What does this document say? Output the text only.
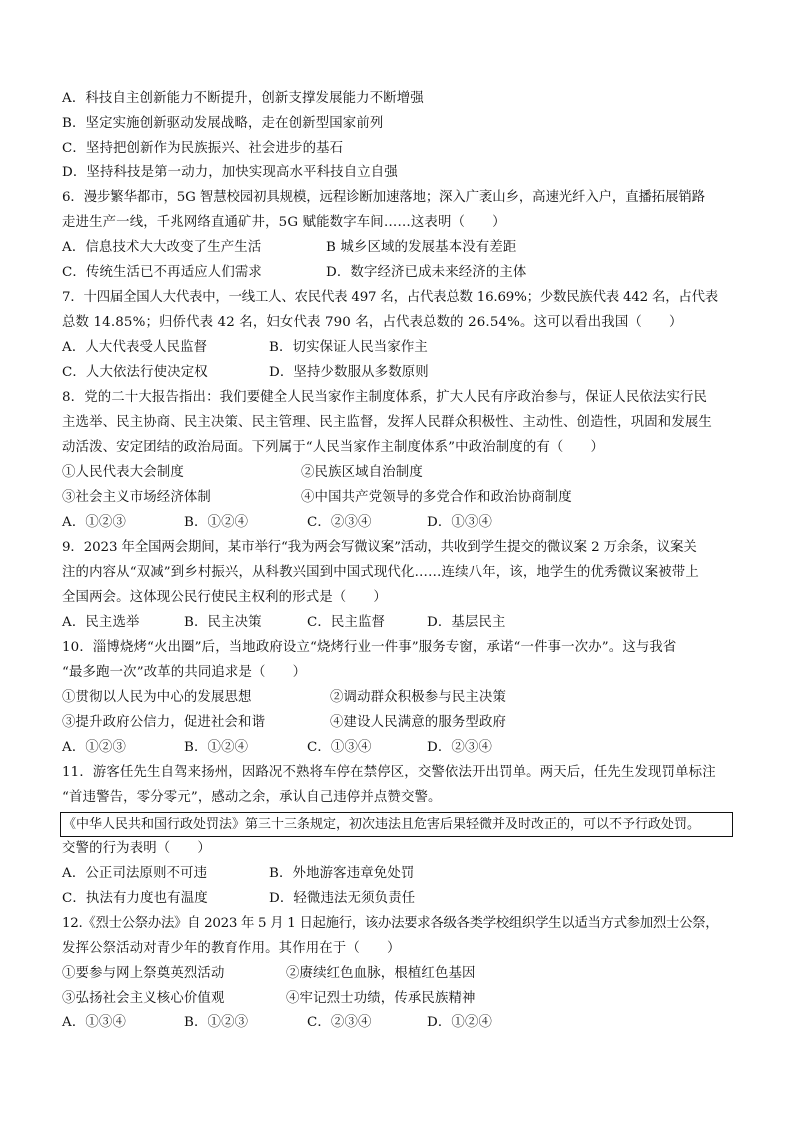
A．科技自主创新能力不断提升，创新支撑发展能力不断增强
B．坚定实施创新驱动发展战略，走在创新型国家前列
C．坚持把创新作为民族振兴、社会进步的基石
D．坚持科技是第一动力，加快实现高水平科技自立自强
6．漫步繁华都市，5G 智慧校园初具规模，远程诊断加速落地；深入广袤山乡，高速光纤入户，直播拓展销路
走进生产一线，千兆网络直通矿井，5G 赋能数字车间……这表明（　　）
A．信息技术大大改变了生产生活	B 城乡区域的发展基本没有差距
C．传统生活已不再适应人们需求	D．数字经济已成未来经济的主体
7．十四届全国人大代表中，一线工人、农民代表 497 名，占代表总数 16.69%；少数民族代表 442 名，占代表
总数 14.85%；归侨代表 42 名，妇女代表 790 名，占代表总数的 26.54%。这可以看出我国（　　）
A．人大代表受人民监督	B．切实保证人民当家作主
C．人大依法行使决定权	D．坚持少数服从多数原则
8．党的二十大报告指出：我们要健全人民当家作主制度体系，扩大人民有序政治参与，保证人民依法实行民
主选举、民主协商、民主决策、民主管理、民主监督，发挥人民群众积极性、主动性、创造性，巩固和发展生
动活泼、安定团结的政治局面。下列属于“人民当家作主制度体系”中政治制度的有（　　）
①人民代表大会制度	②民族区域自治制度
③社会主义市场经济体制	④中国共产党领导的多党合作和政治协商制度
A．①②③	B．①②④	C．②③④	D．①③④
9．2023 年全国两会期间，某市举行“我为两会写微议案”活动，共收到学生提交的微议案 2 万余条，议案关
注的内容从“双减”到乡村振兴，从科教兴国到中国式现代化……连续八年，该，地学生的优秀微议案被带上
全国两会。这体现公民行使民主权利的形式是（　　）
A．民主选举	B．民主决策	C．民主监督	D．基层民主
10．淄博烧烤“火出圈”后，当地政府设立“烧烤行业一件事”服务专窗，承诺“一件事一次办”。这与我省
“最多跑一次”改革的共同追求是（　　）
①贯彻以人民为中心的发展思想	②调动群众积极参与民主决策
③提升政府公信力，促进社会和谐	④建设人民满意的服务型政府
A．①②③	B．①②④	C．①③④	D．②③④
11．游客任先生自驾来扬州，因路况不熟将车停在禁停区，交警依法开出罚单。两天后，任先生发现罚单标注
“首违警告，零分零元”，感动之余，承认自己违停并点赞交警。
《中华人民共和国行政处罚法》第三十三条规定，初次违法且危害后果轻微并及时改正的，可以不予行政处罚。
交警的行为表明（　　）
A．公正司法原则不可违	B．外地游客违章免处罚
C．执法有力度也有温度	D．轻微违法无须负责任
12.《烈士公祭办法》自 2023 年 5 月 1 日起施行，该办法要求各级各类学校组织学生以适当方式参加烈士公祭，
发挥公祭活动对青少年的教育作用。其作用在于（　　）
①要参与网上祭奠英烈活动	②赓续红色血脉，根植红色基因
③弘扬社会主义核心价值观	④牢记烈士功绩，传承民族精神
A．①③④	B．①②③	C．②③④	D．①②④
